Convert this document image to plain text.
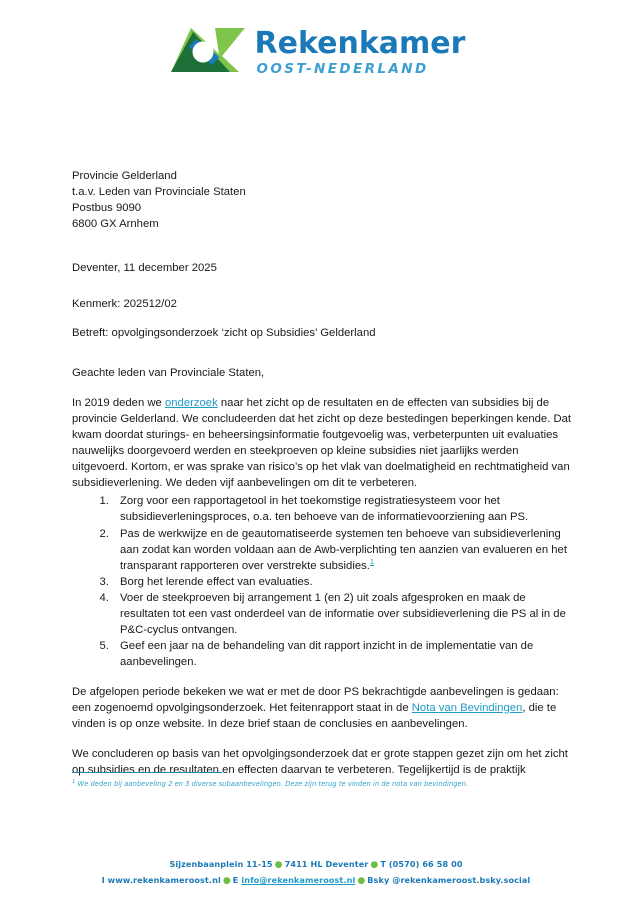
Rekenkamer
OOST-NEDERLAND
Provincie Gelderland
t.a.v. Leden van Provinciale Staten
Postbus 9090
6800 GX Arnhem
Deventer, 11 december 2025
Kenmerk: 202512/02
Betreft: opvolgingsonderzoek ‘zicht op Subsidies’ Gelderland
Geachte leden van Provinciale Staten,

In 2019 deden we onderzoek naar het zicht op de resultaten en de effecten van subsidies bij de provincie Gelderland. We concludeerden dat het zicht op deze bestedingen beperkingen kende. Dat kwam doordat sturings- en beheersingsinformatie foutgevoelig was, verbeterpunten uit evaluaties nauwelijks doorgevoerd werden en steekproeven op kleine subsidies niet jaarlijks werden uitgevoerd. Kortom, er was sprake van risico’s op het vlak van doelmatigheid en rechtmatigheid van subsidieverlening. We deden vijf aanbevelingen om dit te verbeteren.

1. Zorg voor een rapportagetool in het toekomstige registratiesysteem voor het subsidieverleningsproces, o.a. ten behoeve van de informatievoorziening aan PS.
2. Pas de werkwijze en de geautomatiseerde systemen ten behoeve van subsidieverlening aan zodat kan worden voldaan aan de Awb-verplichting ten aanzien van evalueren en het transparant rapporteren over verstrekte subsidies.$^1$
3. Borg het lerende effect van evaluaties.
4. Voer de steekproeven bij arrangement 1 (en 2) uit zoals afgesproken en maak de resultaten tot een vast onderdeel van de informatie over subsidieverlening die PS al in de P&C-cyclus ontvangen.
5. Geef een jaar na de behandeling van dit rapport inzicht in de implementatie van de aanbevelingen.

De afgelopen periode bekeken we wat er met de door PS bekrachtigde aanbevelingen is gedaan: een zogenoemd opvolgingsonderzoek. Het feitenrapport staat in de Nota van Bevindingen, die te vinden is op onze website. In deze brief staan de conclusies en aanbevelingen.

We concluderen op basis van het opvolgingsonderzoek dat er grote stappen gezet zijn om het zicht op subsidies en de resultaten en effecten daarvan te verbeteren. Tegelijkertijd is de praktijk

$^1$ We deden bij aanbeveling 2 en 3 diverse subaanbevelingen. Deze zijn terug te vinden in de nota van bevindingen.
Sijzenbaanplein 11-15 ● 7411 HL Deventer ● T (0570) 66 58 00
I www.rekenkameroost.nl ● E info@rekenkameroost.nl ● Bsky @rekenkameroost.bsky.social
